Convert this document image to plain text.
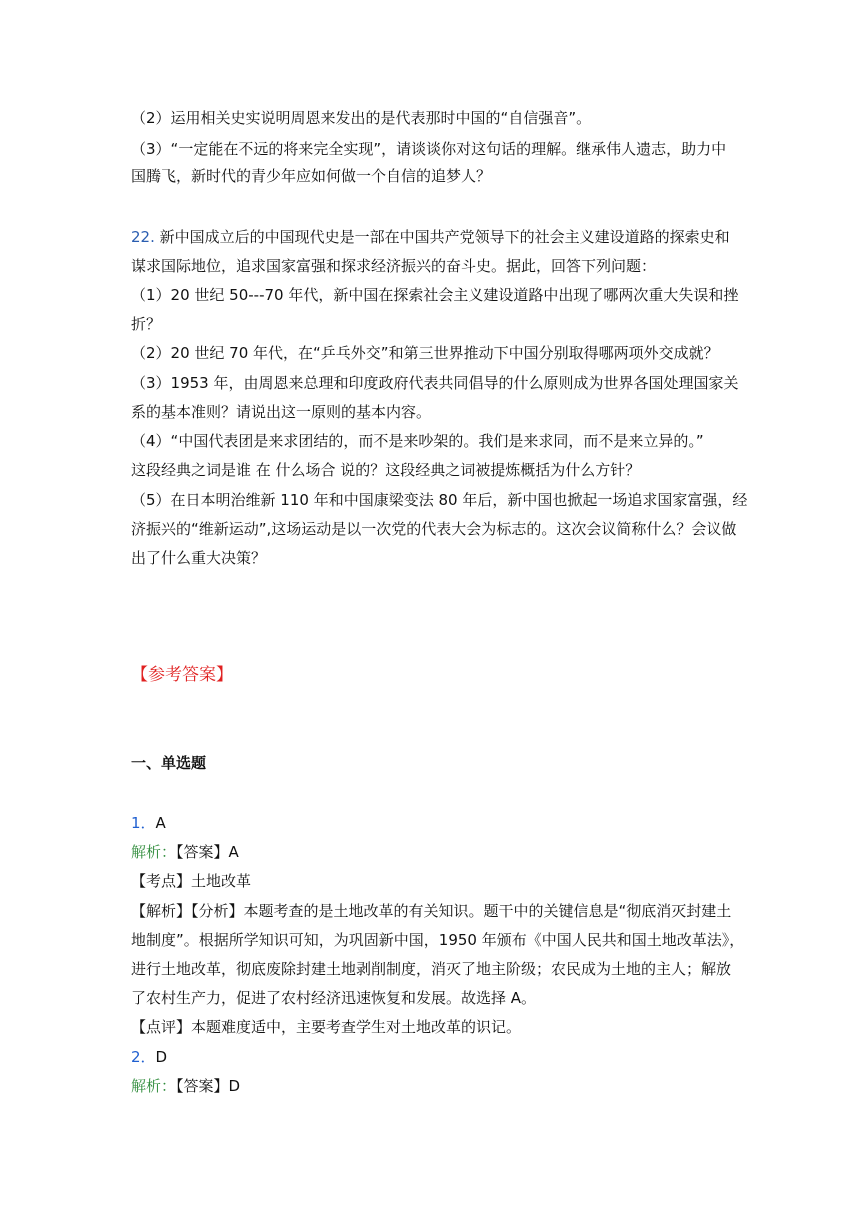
（2）运用相关史实说明周恩来发出的是代表那时中国的“自信强音”。
（3）“一定能在不远的将来完全实现”，请谈谈你对这句话的理解。继承伟人遗志，助力中
国腾飞，新时代的青少年应如何做一个自信的追梦人？
22. 新中国成立后的中国现代史是一部在中国共产党领导下的社会主义建设道路的探索史和
谋求国际地位，追求国家富强和探求经济振兴的奋斗史。据此，回答下列问题：
（1）20 世纪 50---70 年代，新中国在探索社会主义建设道路中出现了哪两次重大失误和挫
折？
（2）20 世纪 70 年代，在“乒乓外交”和第三世界推动下中国分别取得哪两项外交成就？
（3）1953 年，由周恩来总理和印度政府代表共同倡导的什么原则成为世界各国处理国家关
系的基本准则？请说出这一原则的基本内容。
（4）“中国代表团是来求团结的，而不是来吵架的。我们是来求同，而不是来立异的。”
这段经典之词是谁 在 什么场合 说的？这段经典之词被提炼概括为什么方针？
（5）在日本明治维新 110 年和中国康梁变法 80 年后，新中国也掀起一场追求国家富强，经
济振兴的“维新运动”,这场运动是以一次党的代表大会为标志的。这次会议简称什么？会议做
出了什么重大决策？
【参考答案】
一、单选题
1．A
解析：【答案】A
【考点】土地改革
【解析】【分析】本题考查的是土地改革的有关知识。题干中的关键信息是“彻底消灭封建土
地制度”。根据所学知识可知，为巩固新中国，1950 年颁布《中国人民共和国土地改革法》，
进行土地改革，彻底废除封建土地剥削制度，消灭了地主阶级；农民成为土地的主人；解放
了农村生产力，促进了农村经济迅速恢复和发展。故选择 A。
【点评】本题难度适中，主要考查学生对土地改革的识记。
2．D
解析：【答案】D
